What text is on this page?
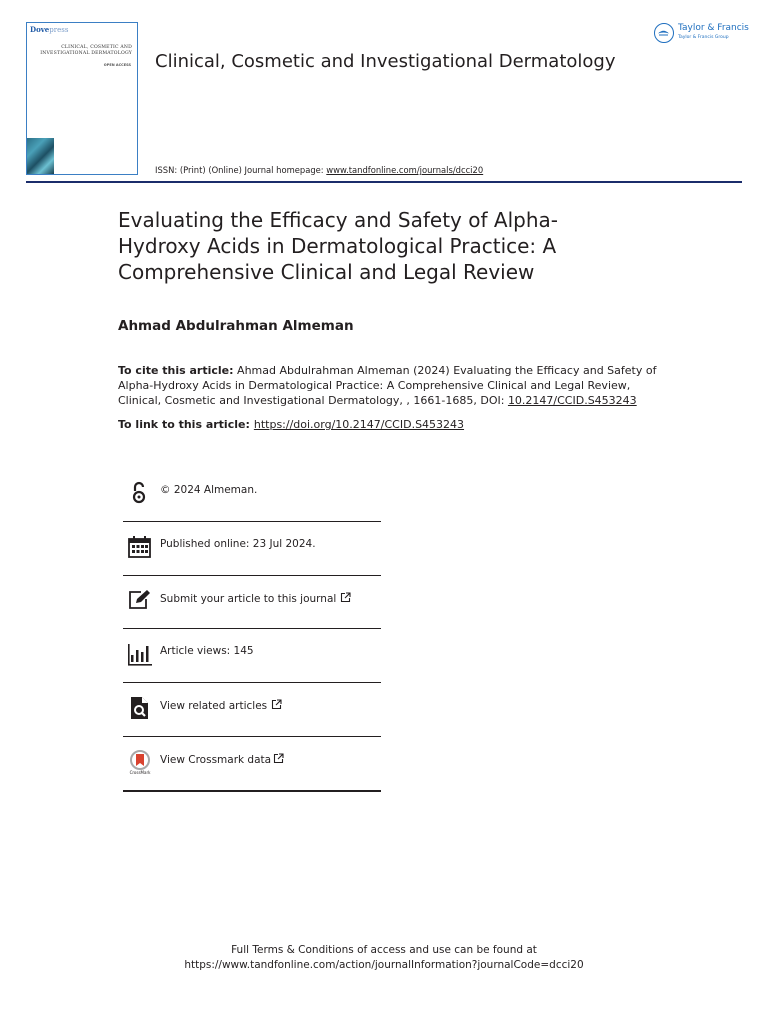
Dovepress
CLINICAL, COSMETIC AND INVESTIGATIONAL DERMATOLOGY
OPEN ACCESS Clinical, Cosmetic and Investigational Dermatology
ISSN: (Print) (Online) Journal homepage: www.tandfonline.com/journals/dcci20
Taylor & Francis
Taylor & Francis Group
Evaluating the Efficacy and Safety of Alpha-Hydroxy Acids in Dermatological Practice: A Comprehensive Clinical and Legal Review
Ahmad Abdulrahman Almeman
To cite this article: Ahmad Abdulrahman Almeman (2024) Evaluating the Efficacy and Safety of Alpha-Hydroxy Acids in Dermatological Practice: A Comprehensive Clinical and Legal Review, Clinical, Cosmetic and Investigational Dermatology, , 1661-1685, DOI: 10.2147/CCID.S453243
To link to this article: https://doi.org/10.2147/CCID.S453243
© 2024 Almeman.
Published online: 23 Jul 2024.
Submit your article to this journal
Article views: 145
View related articles
CrossMark
View Crossmark data
Full Terms & Conditions of access and use can be found at
https://www.tandfonline.com/action/journalInformation?journalCode=dcci20
